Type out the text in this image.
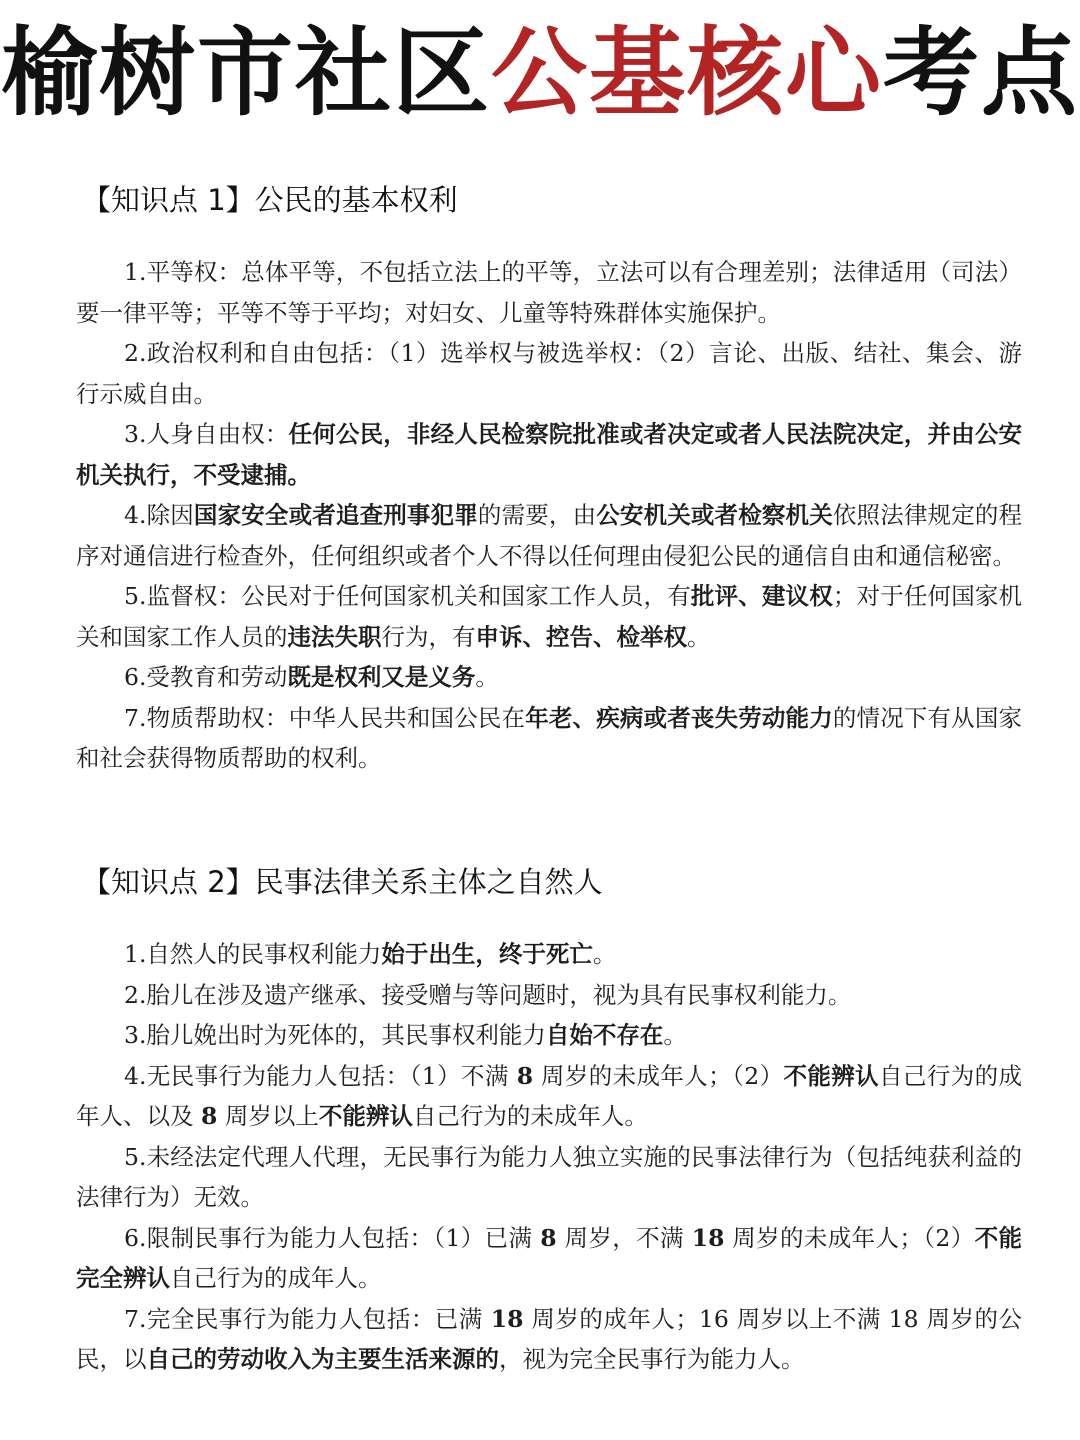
榆树市社区公基核心考点
【知识点 1】公民的基本权利

1.平等权：总体平等，不包括立法上的平等，立法可以有合理差别；法律适用（司法）要一律平等；平等不等于平均；对妇女、儿童等特殊群体实施保护。

2.政治权利和自由包括：（1）选举权与被选举权：（2）言论、出版、结社、集会、游行示威自由。

3.人身自由权：任何公民，非经人民检察院批准或者决定或者人民法院决定，并由公安机关执行，不受逮捕。

4.除因国家安全或者追查刑事犯罪的需要，由公安机关或者检察机关依照法律规定的程序对通信进行检查外，任何组织或者个人不得以任何理由侵犯公民的通信自由和通信秘密。

5.监督权：公民对于任何国家机关和国家工作人员，有批评、建议权；对于任何国家机关和国家工作人员的违法失职行为，有申诉、控告、检举权。

6.受教育和劳动既是权利又是义务。

7.物质帮助权：中华人民共和国公民在年老、疾病或者丧失劳动能力的情况下有从国家和社会获得物质帮助的权利。

【知识点 2】民事法律关系主体之自然人

1.自然人的民事权利能力始于出生，终于死亡。

2.胎儿在涉及遗产继承、接受赠与等问题时，视为具有民事权利能力。

3.胎儿娩出时为死体的，其民事权利能力自始不存在。

4.无民事行为能力人包括：（1）不满 8 周岁的未成年人；（2）不能辨认自己行为的成年人、以及 8 周岁以上不能辨认自己行为的未成年人。

5.未经法定代理人代理，无民事行为能力人独立实施的民事法律行为（包括纯获利益的法律行为）无效。

6.限制民事行为能力人包括：（1）已满 8 周岁，不满 18 周岁的未成年人；（2）不能完全辨认自己行为的成年人。

7.完全民事行为能力人包括：已满 18 周岁的成年人；16 周岁以上不满 18 周岁的公民，以自己的劳动收入为主要生活来源的，视为完全民事行为能力人。
